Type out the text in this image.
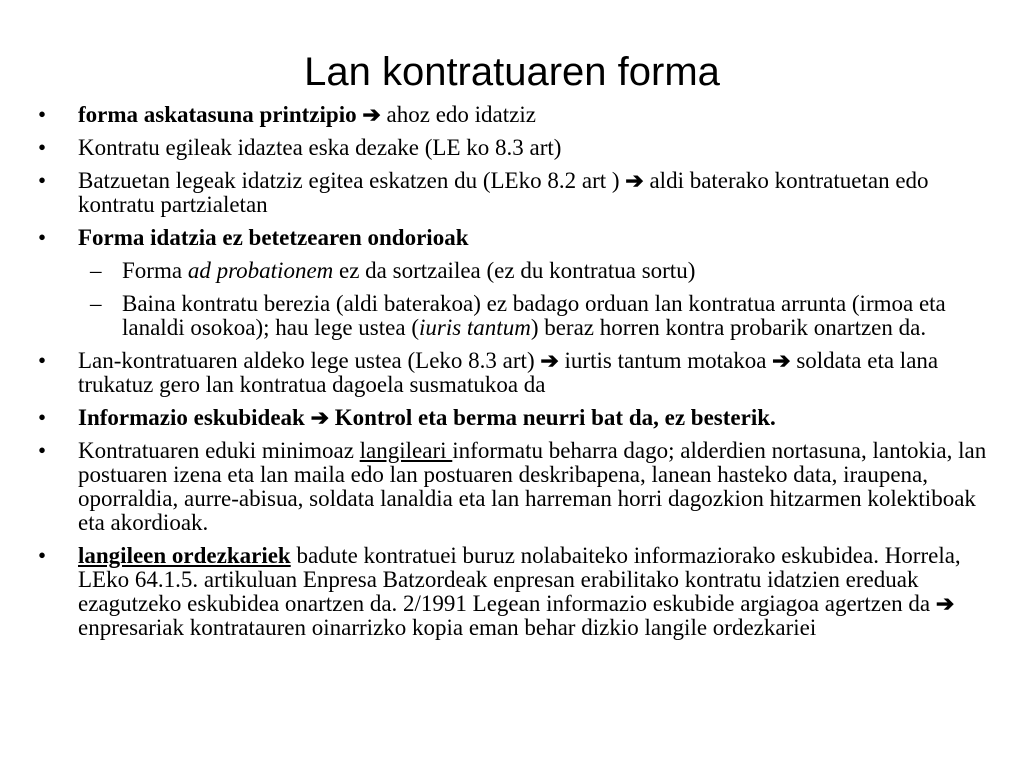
Lan kontratuaren forma
•	forma askatasuna printzipio ➔ ahoz edo idatziz
•	Kontratu egileak idaztea eska dezake (LE ko 8.3 art)
•	Batzuetan legeak idatziz egitea eskatzen du (LEko 8.2 art ) ➔ aldi baterako kontratuetan edo kontratu partzialetan
•	Forma idatzia ez betetzearen ondorioak
– Forma ad probationem ez da sortzailea (ez du kontratua sortu)
– Baina kontratu berezia (aldi baterakoa) ez badago orduan lan kontratua arrunta (irmoa eta lanaldi osokoa); hau lege ustea (iuris tantum) beraz horren kontra probarik onartzen da.
•	Lan-kontratuaren aldeko lege ustea (Leko 8.3 art) ➔ iurtis tantum motakoa ➔ soldata eta lana trukatuz gero lan kontratua dagoela susmatukoa da
•	Informazio eskubideak ➔ Kontrol eta berma neurri bat da, ez besterik.
•	Kontratuaren eduki minimoaz langileari informatu beharra dago; alderdien nortasuna, lantokia, lan postuaren izena eta lan maila edo lan postuaren deskribapena, lanean hasteko data, iraupena, oporraldia, aurre-abisua, soldata lanaldia eta lan harreman horri dagozkion hitzarmen kolektiboak eta akordioak.
•	langileen ordezkariek badute kontratuei buruz nolabaiteko informaziorako eskubidea. Horrela, LEko 64.1.5. artikuluan Enpresa Batzordeak enpresan erabilitako kontratu idatzien ereduak ezagutzeko eskubidea onartzen da. 2/1991 Legean informazio eskubide argiagoa agertzen da ➔ enpresariak kontratauren oinarrizko kopia eman behar dizkio langile ordezkariei
